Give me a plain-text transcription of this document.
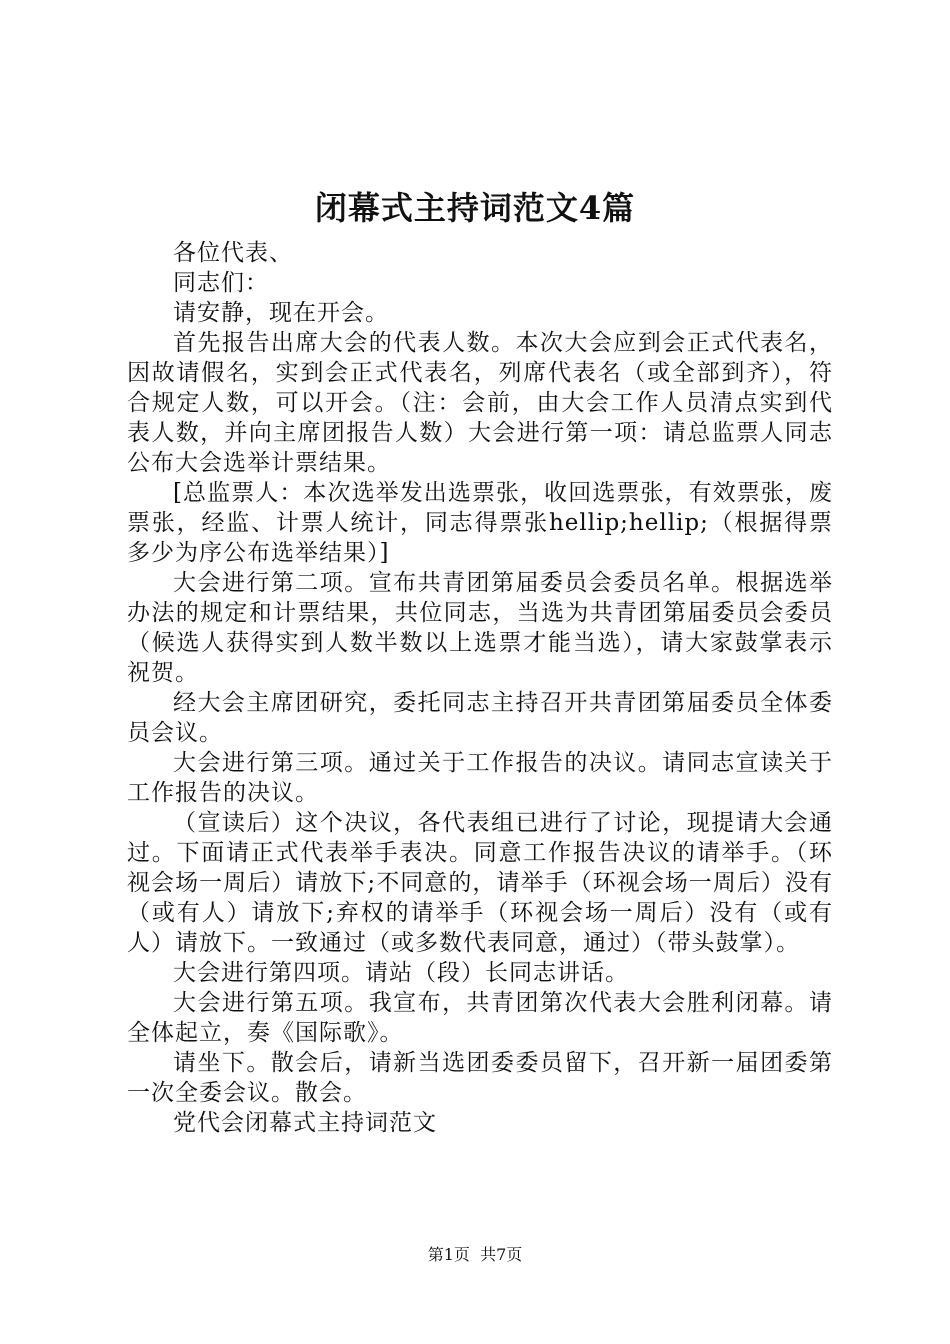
闭幕式主持词范文4篇

各位代表、

同志们：

请安静，现在开会。

首先报告出席大会的代表人数。本次大会应到会正式代表名，因故请假名，实到会正式代表名，列席代表名（或全部到齐），符合规定人数，可以开会。（注：会前，由大会工作人员清点实到代表人数，并向主席团报告人数）大会进行第一项：请总监票人同志公布大会选举计票结果。

[总监票人：本次选举发出选票张，收回选票张，有效票张，废票张，经监、计票人统计，同志得票张hellip;hellip;（根据得票多少为序公布选举结果）]

大会进行第二项。宣布共青团第届委员会委员名单。根据选举办法的规定和计票结果，共位同志，当选为共青团第届委员会委员（候选人获得实到人数半数以上选票才能当选），请大家鼓掌表示祝贺。

经大会主席团研究，委托同志主持召开共青团第届委员全体委员会议。

大会进行第三项。通过关于工作报告的决议。请同志宣读关于工作报告的决议。

（宣读后）这个决议，各代表组已进行了讨论，现提请大会通过。下面请正式代表举手表决。同意工作报告决议的请举手。（环视会场一周后）请放下;不同意的，请举手（环视会场一周后）没有（或有人）请放下;弃权的请举手（环视会场一周后）没有（或有人）请放下。一致通过（或多数代表同意，通过）（带头鼓掌）。

大会进行第四项。请站（段）长同志讲话。

大会进行第五项。我宣布，共青团第次代表大会胜利闭幕。请全体起立，奏《国际歌》。

请坐下。散会后，请新当选团委委员留下，召开新一届团委第一次全委会议。散会。

党代会闭幕式主持词范文

第1页 共7页
